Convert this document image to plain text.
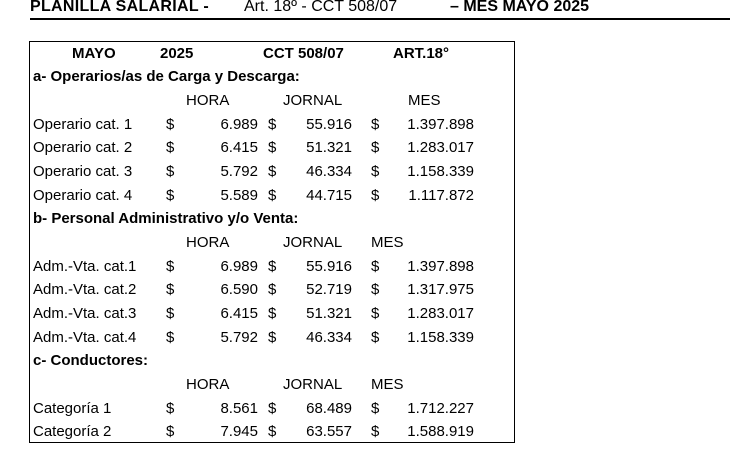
PLANILLA SALARIAL - Art. 18º - CCT 508/07	– MES MAYO 2025
MAYO	2025	CCT 508/07	ART.18°
a- Operarios/as de Carga y Descarga:
HORA	JORNAL	MES
Operario cat. 1 $	6.989 $	55.916 $	1.397.898
Operario cat. 2 $	6.415 $	51.321 $	1.283.017
Operario cat. 3 $	5.792 $	46.334 $	1.158.339
Operario cat. 4 $	5.589 $	44.715 $	1.117.872
b- Personal Administrativo y/o Venta:
HORA	JORNAL MES
Adm.-Vta. cat.1 $	6.989 $	55.916 $	1.397.898
Adm.-Vta. cat.2 $	6.590 $	52.719 $	1.317.975
Adm.-Vta. cat.3 $	6.415 $	51.321 $	1.283.017
Adm.-Vta. cat.4 $	5.792 $	46.334 $	1.158.339
c- Conductores:
HORA	JORNAL MES
Categoría 1	$	8.561 $	68.489 $	1.712.227
Categoría 2	$	7.945 $	63.557 $	1.588.919
